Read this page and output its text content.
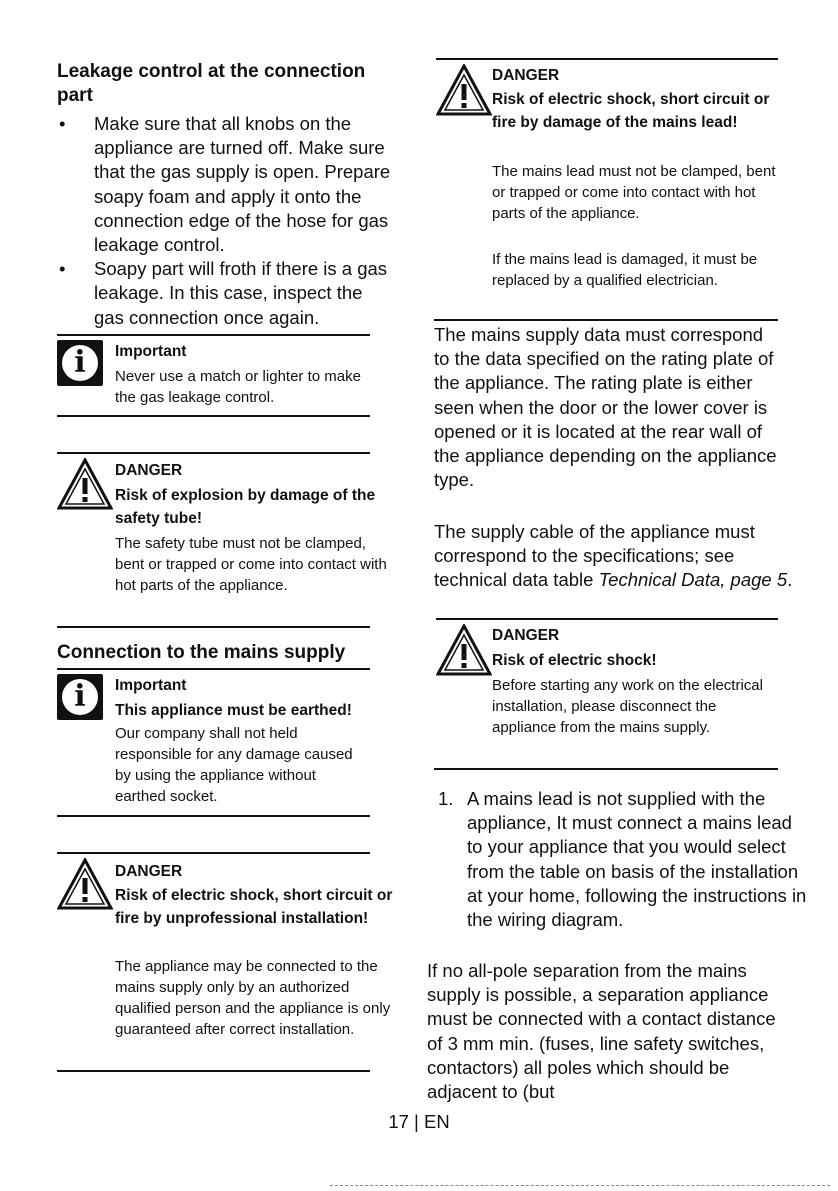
Leakage control at the connection part

• Make sure that all knobs on the appliance are turned off. Make sure that the gas supply is open. Prepare soapy foam and apply it onto the connection edge of the hose for gas leakage control.
• Soapy part will froth if there is a gas leakage. In this case, inspect the gas connection once again.
i	Important

Never use a match or lighter to make the gas leakage control.

DANGER

Risk of explosion by damage of the safety tube!

The safety tube must not be clamped, bent or trapped or come into contact with hot parts of the appliance.

Connection to the mains supply

i	Important

This appliance must be earthed!

Our company shall not held responsible for any damage caused by using the appliance without earthed socket.

DANGER

Risk of electric shock, short circuit or fire by unprofessional installation!

The appliance may be connected to the mains supply only by an authorized qualified person and the appliance is only guaranteed after correct installation.

DANGER

Risk of electric shock, short circuit or fire by damage of the mains lead!

The mains lead must not be clamped, bent or trapped or come into contact with hot parts of the appliance.

If the mains lead is damaged, it must be replaced by a qualified electrician.

The mains supply data must correspond to the data specified on the rating plate of the appliance. The rating plate is either seen when the door or the lower cover is opened or it is located at the rear wall of the appliance depending on the appliance type.

The supply cable of the appliance must correspond to the specifications; see technical data table Technical Data, page 5.

DANGER

Risk of electric shock!

Before starting any work on the electrical installation, please disconnect the appliance from the mains supply.

1. A mains lead is not supplied with the appliance, It must connect a mains lead to your appliance that you would select from the table on basis of the installation at your home, following the instructions in the wiring diagram.

If no all-pole separation from the mains supply is possible, a separation appliance must be connected with a contact distance of 3 mm min. (fuses, line safety switches, contactors) all poles which should be adjacent to (but

17 | EN
